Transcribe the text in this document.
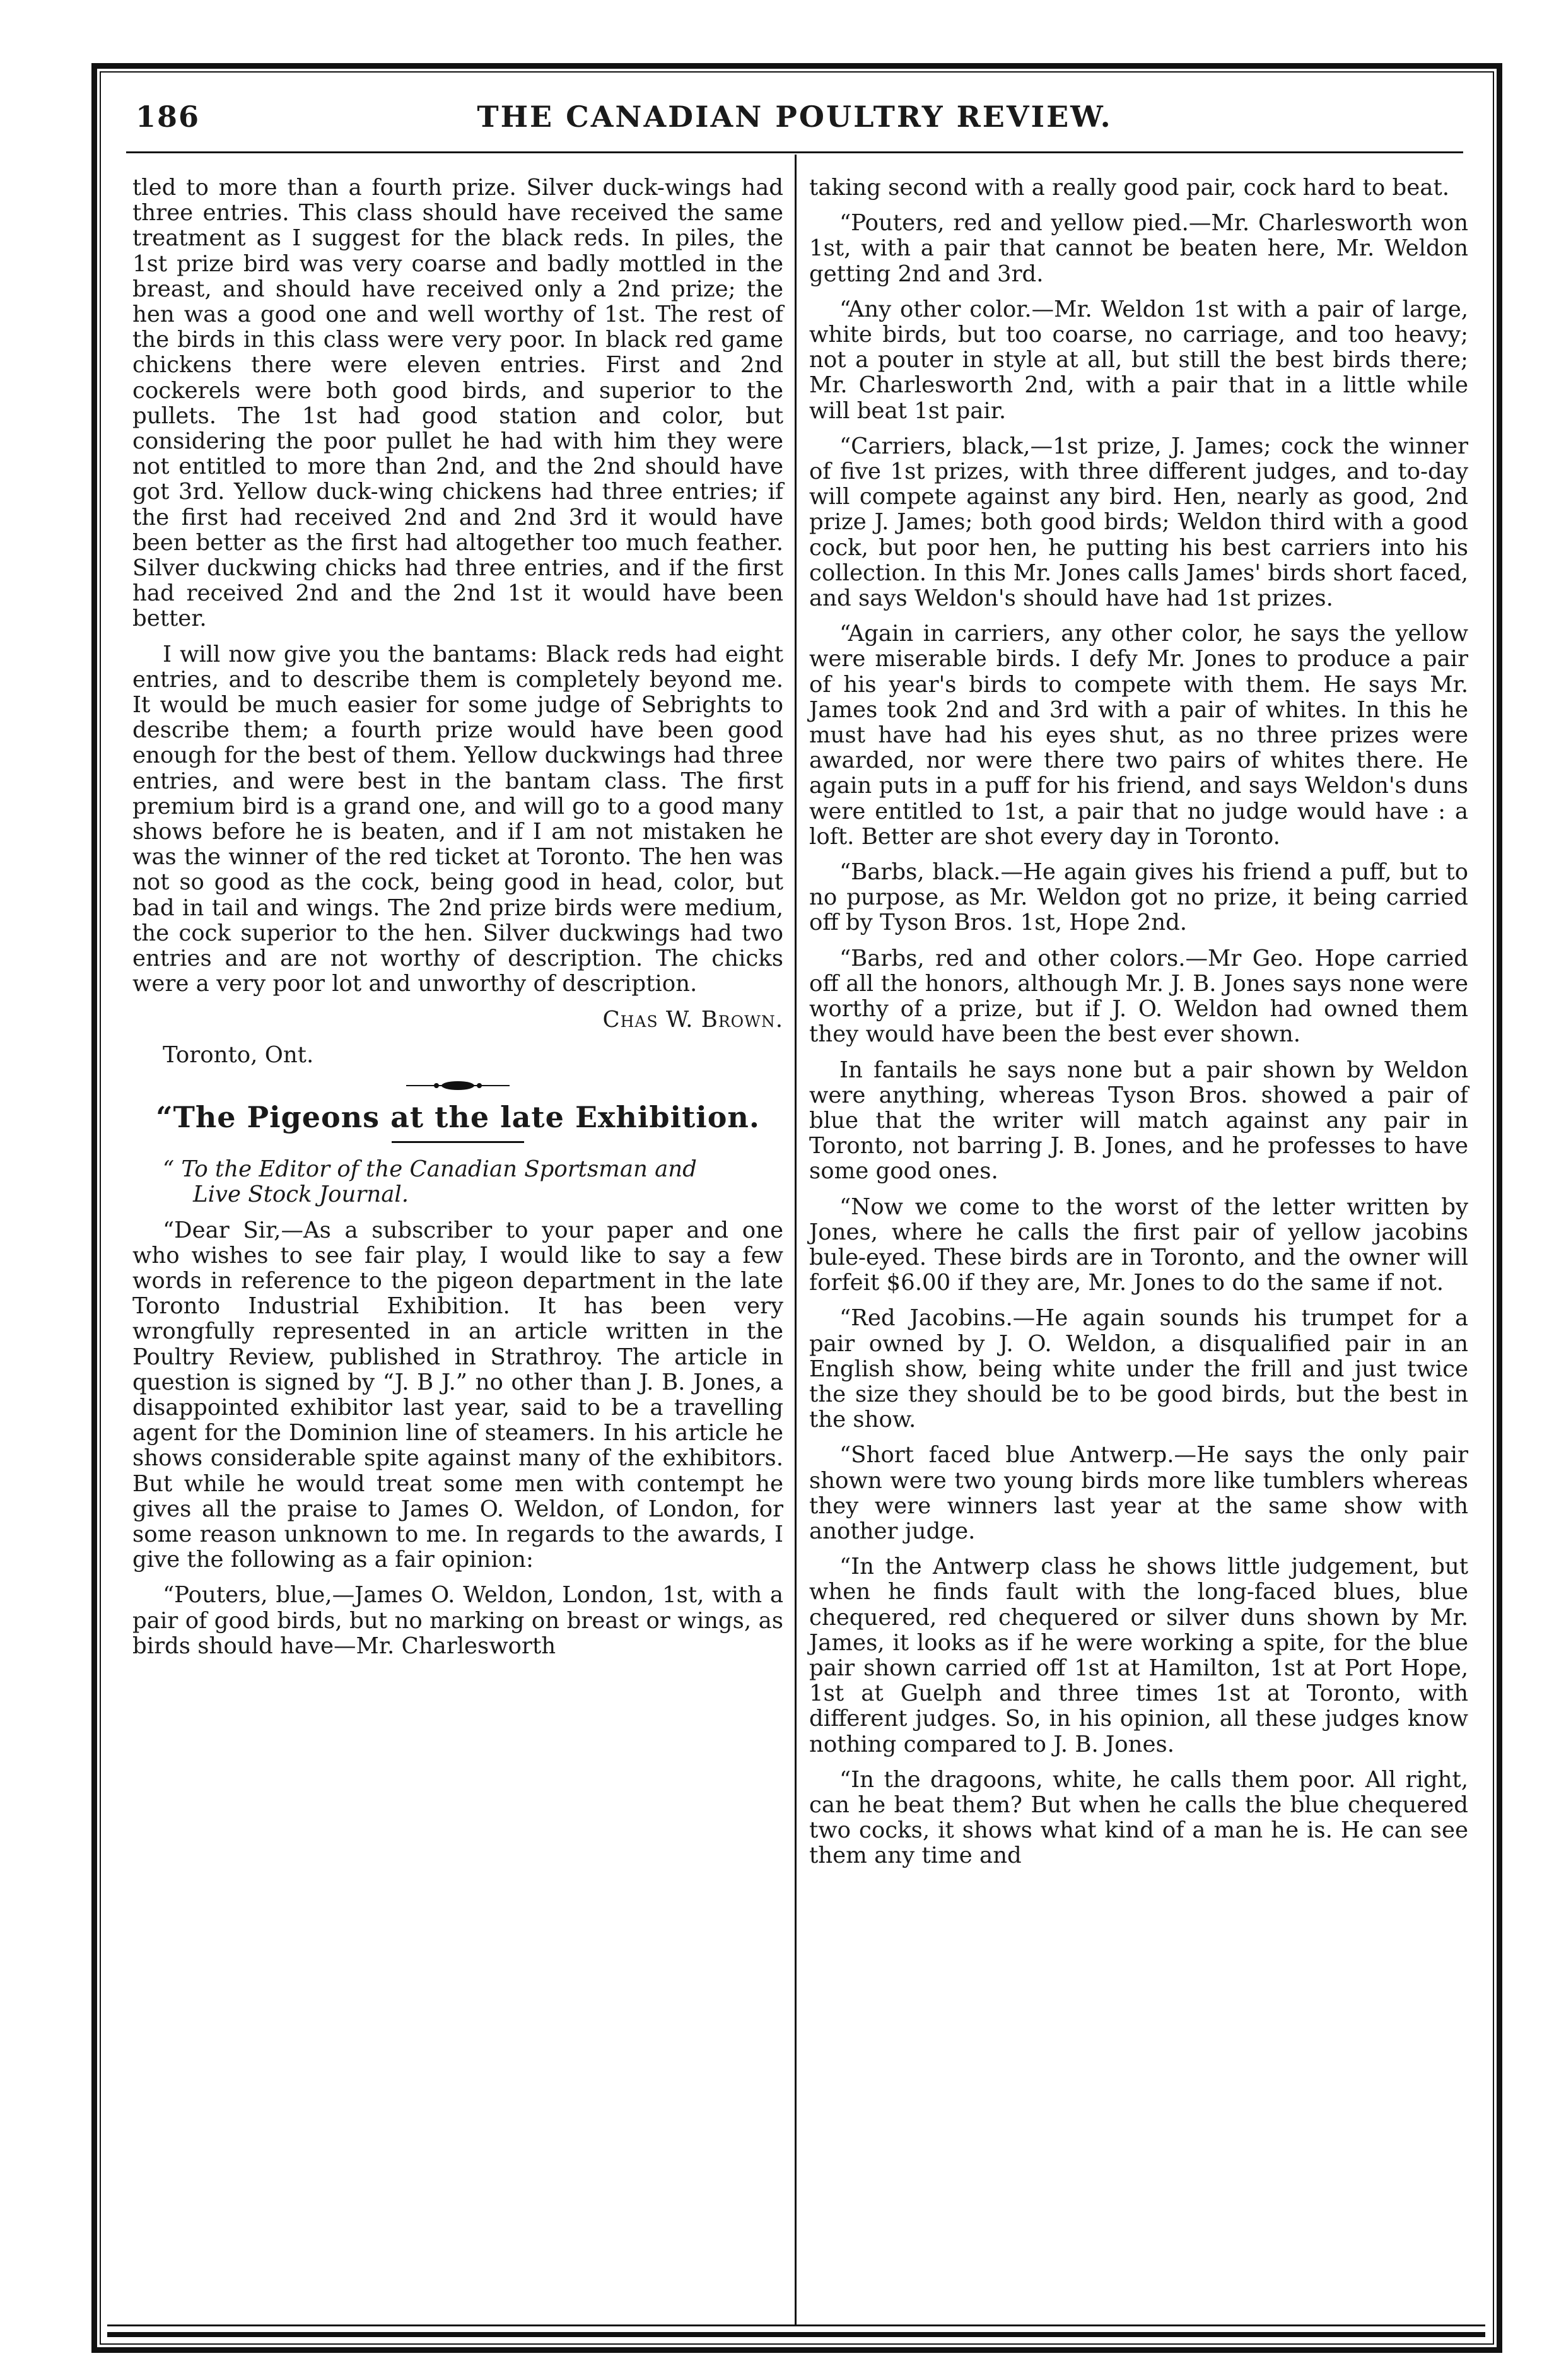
186	THE CANADIAN POULTRY REVIEW.

tled to more than a fourth prize. Silver duck-wings had three entries. This class should have received the same treatment as I suggest for the black reds. In piles, the 1st prize bird was very coarse and badly mottled in the breast, and should have received only a 2nd prize; the hen was a good one and well worthy of 1st. The rest of the birds in this class were very poor. In black red game chickens there were eleven entries. First and 2nd cockerels were both good birds, and superior to the pullets. The 1st had good station and color, but considering the poor pullet he had with him they were not entitled to more than 2nd, and the 2nd should have got 3rd. Yellow duck-wing chickens had three entries; if the first had received 2nd and 2nd 3rd it would have been better as the first had altogether too much feather. Silver duckwing chicks had three entries, and if the first had received 2nd and the 2nd 1st it would have been better.

I will now give you the bantams: Black reds had eight entries, and to describe them is completely beyond me. It would be much easier for some judge of Sebrights to describe them; a fourth prize would have been good enough for the best of them. Yellow duckwings had three entries, and were best in the bantam class. The first premium bird is a grand one, and will go to a good many shows before he is beaten, and if I am not mistaken he was the winner of the red ticket at Toronto. The hen was not so good as the cock, being good in head, color, but bad in tail and wings. The 2nd prize birds were medium, the cock superior to the hen. Silver duckwings had two entries and are not worthy of description. The chicks were a very poor lot and unworthy of description.

Chas W. Brown.

Toronto, Ont.

“The Pigeons at the late Exhibition.

“ To the Editor of the Canadian Sportsman and
Live Stock Journal.

“Dear Sir,—As a subscriber to your paper and one who wishes to see fair play, I would like to say a few words in reference to the pigeon department in the late Toronto Industrial Exhibition. It has been very wrongfully represented in an article written in the Poultry Review, published in Strathroy. The article in question is signed by “J. B J.” no other than J. B. Jones, a disappointed exhibitor last year, said to be a travelling agent for the Dominion line of steamers. In his article he shows considerable spite against many of the exhibitors. But while he would treat some men with contempt he gives all the praise to James O. Weldon, of London, for some reason unknown to me. In regards to the awards, I give the following as a fair opinion:

“Pouters, blue,—James O. Weldon, London, 1st, with a pair of good birds, but no marking on breast or wings, as birds should have—Mr. Charlesworth

taking second with a really good pair, cock hard to beat.

“Pouters, red and yellow pied.—Mr. Charlesworth won 1st, with a pair that cannot be beaten here, Mr. Weldon getting 2nd and 3rd.

“Any other color.—Mr. Weldon 1st with a pair of large, white birds, but too coarse, no carriage, and too heavy; not a pouter in style at all, but still the best birds there; Mr. Charlesworth 2nd, with a pair that in a little while will beat 1st pair.

“Carriers, black,—1st prize, J. James; cock the winner of five 1st prizes, with three different judges, and to-day will compete against any bird. Hen, nearly as good, 2nd prize J. James; both good birds; Weldon third with a good cock, but poor hen, he putting his best carriers into his collection. In this Mr. Jones calls James' birds short faced, and says Weldon's should have had 1st prizes.

“Again in carriers, any other color, he says the yellow were miserable birds. I defy Mr. Jones to produce a pair of his year's birds to compete with them. He says Mr. James took 2nd and 3rd with a pair of whites. In this he must have had his eyes shut, as no three prizes were awarded, nor were there two pairs of whites there. He again puts in a puff for his friend, and says Weldon's duns were entitled to 1st, a pair that no judge would have : a loft. Better are shot every day in Toronto.

“Barbs, black.—He again gives his friend a puff, but to no purpose, as Mr. Weldon got no prize, it being carried off by Tyson Bros. 1st, Hope 2nd.

“Barbs, red and other colors.—Mr Geo. Hope carried off all the honors, although Mr. J. B. Jones says none were worthy of a prize, but if J. O. Weldon had owned them they would have been the best ever shown.

In fantails he says none but a pair shown by Weldon were anything, whereas Tyson Bros. showed a pair of blue that the writer will match against any pair in Toronto, not barring J. B. Jones, and he professes to have some good ones.

“Now we come to the worst of the letter written by Jones, where he calls the first pair of yellow jacobins bule-eyed. These birds are in Toronto, and the owner will forfeit $6.00 if they are, Mr. Jones to do the same if not.

“Red Jacobins.—He again sounds his trumpet for a pair owned by J. O. Weldon, a disqualified pair in an English show, being white under the frill and just twice the size they should be to be good birds, but the best in the show.

“Short faced blue Antwerp.—He says the only pair shown were two young birds more like tumblers whereas they were winners last year at the same show with another judge.

“In the Antwerp class he shows little judgement, but when he finds fault with the long-faced blues, blue chequered, red chequered or silver duns shown by Mr. James, it looks as if he were working a spite, for the blue pair shown carried off 1st at Hamilton, 1st at Port Hope, 1st at Guelph and three times 1st at Toronto, with different judges. So, in his opinion, all these judges know nothing compared to J. B. Jones.

“In the dragoons, white, he calls them poor. All right, can he beat them? But when he calls the blue chequered two cocks, it shows what kind of a man he is. He can see them any time and
